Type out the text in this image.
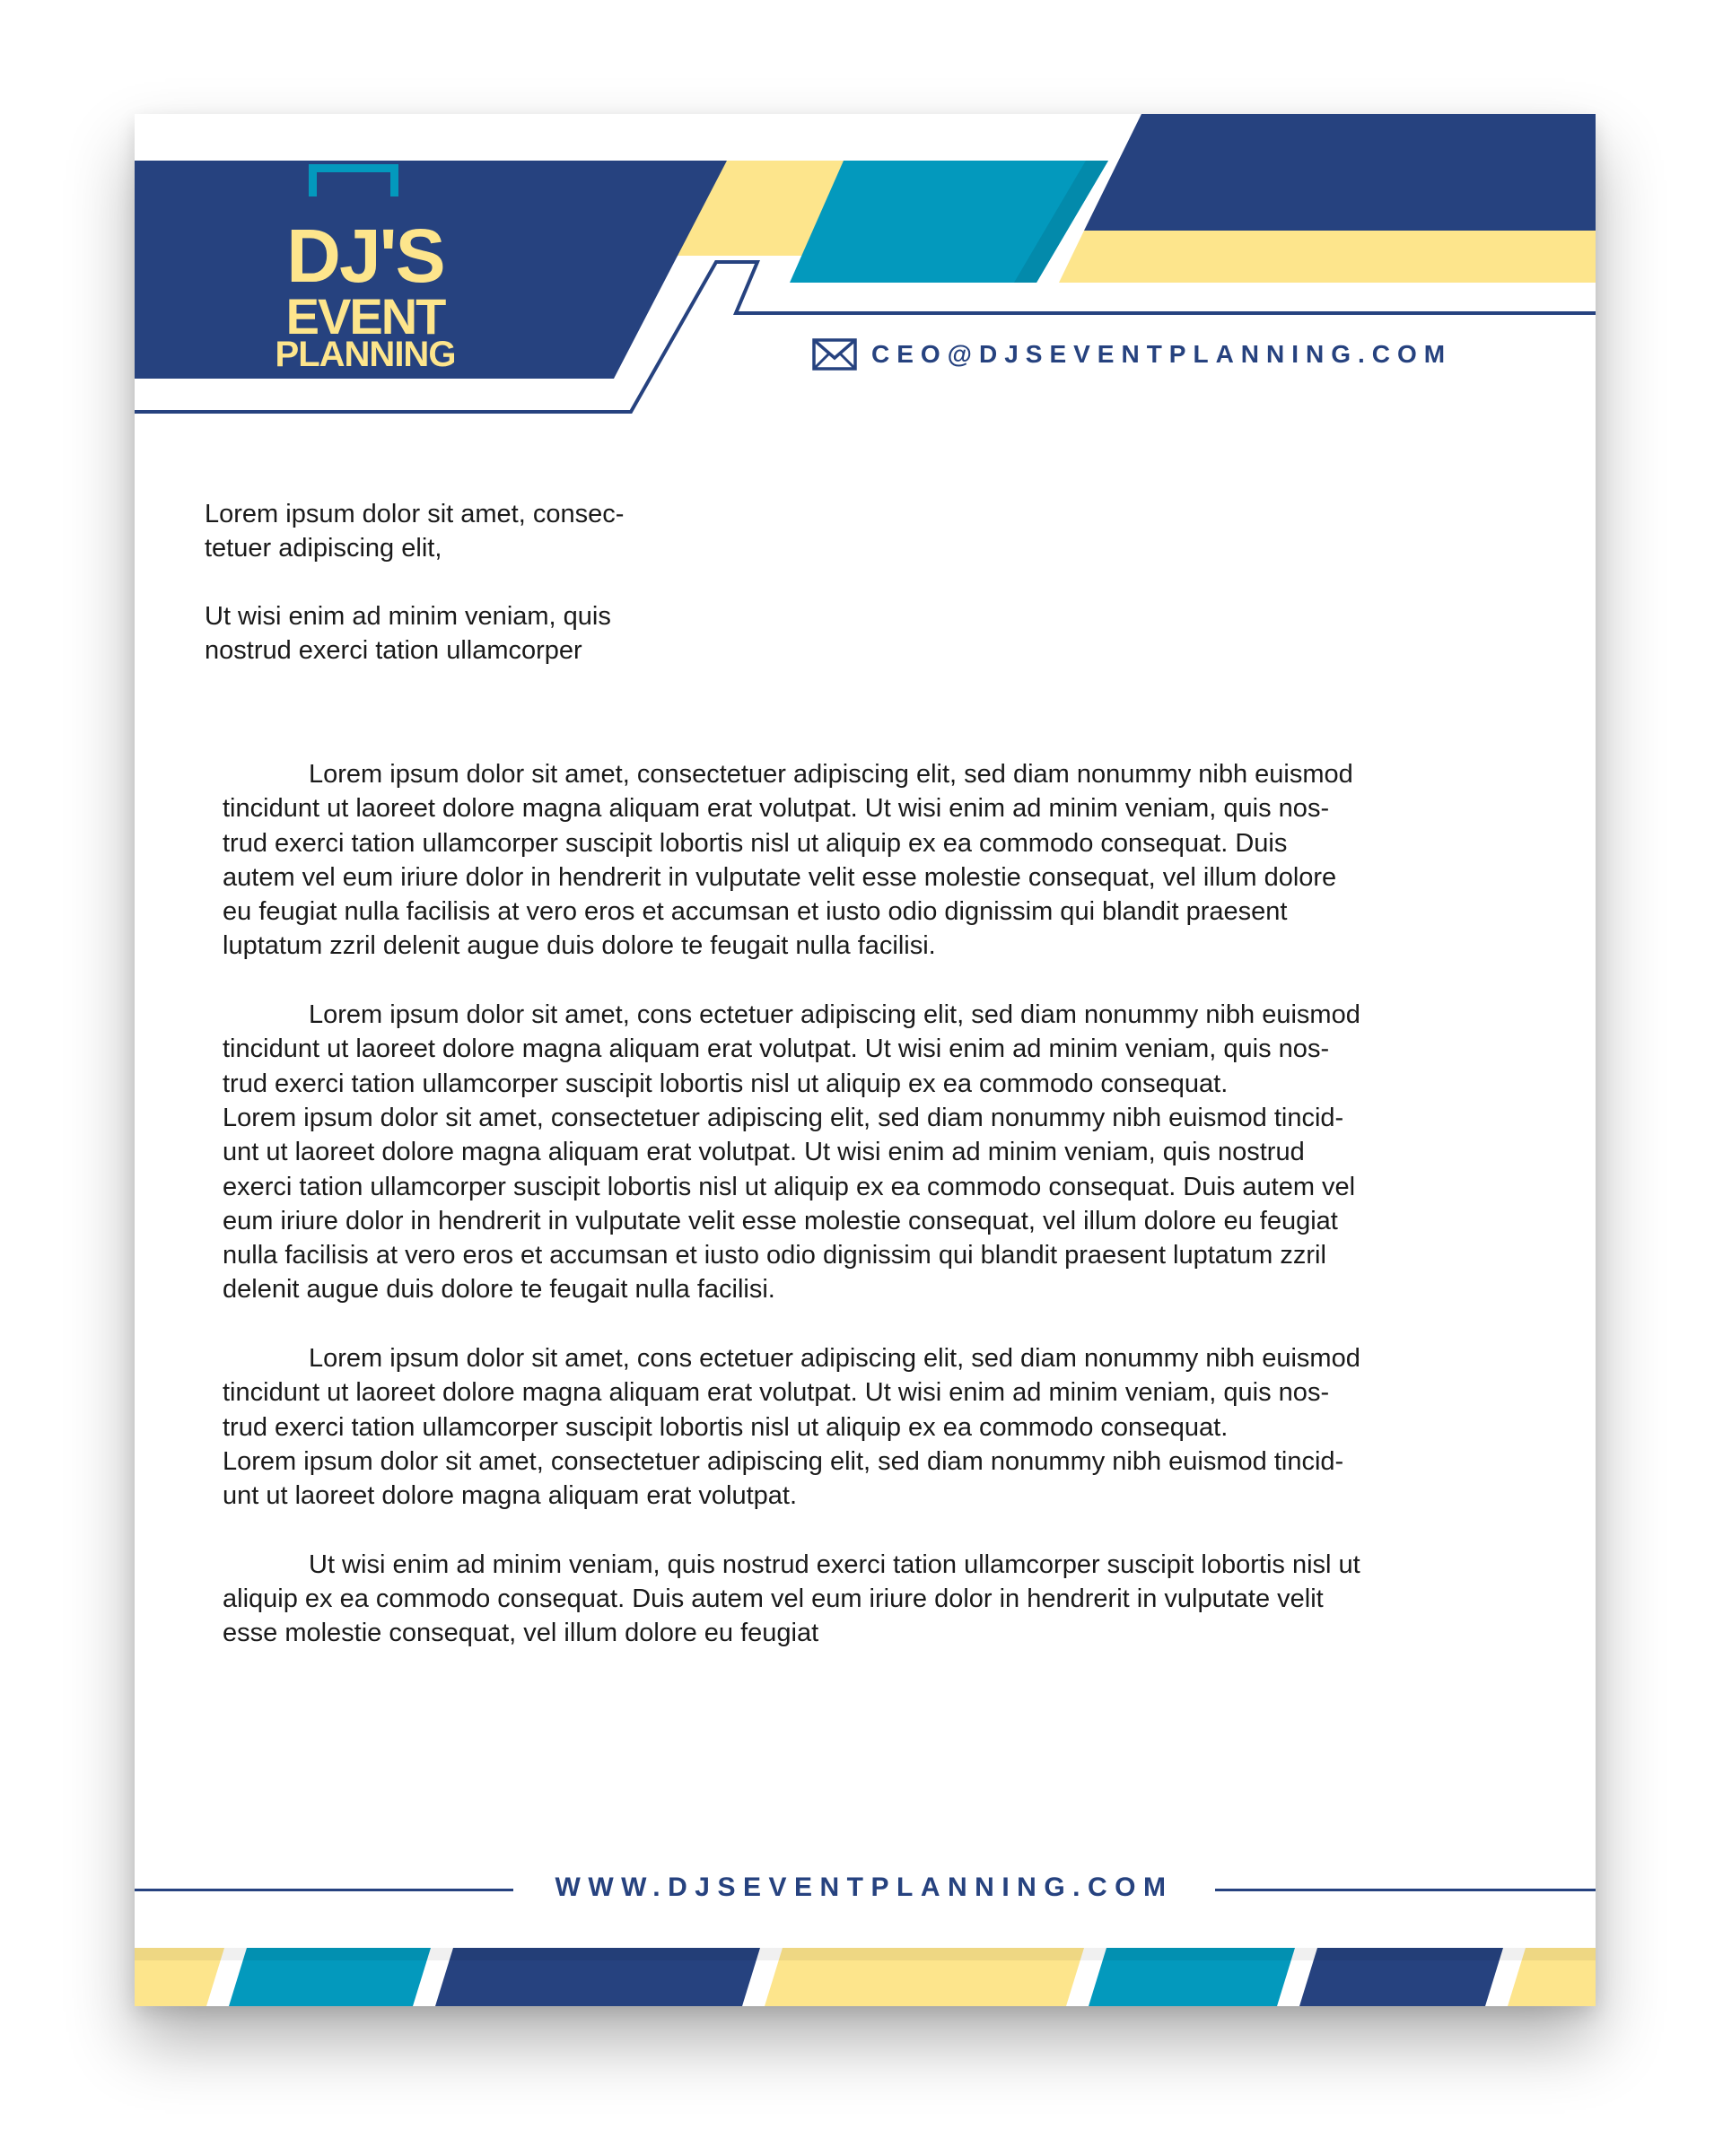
DJ'S
EVENT
PLANNING	CEO@DJSEVENTPLANNING.COM

Lorem ipsum dolor sit amet, consec-
tetuer adipiscing elit,

Ut wisi enim ad minim veniam, quis
nostrud exerci tation ullamcorper

Lorem ipsum dolor sit amet, consectetuer adipiscing elit, sed diam nonummy nibh euismod
tincidunt ut laoreet dolore magna aliquam erat volutpat. Ut wisi enim ad minim veniam, quis nos-
trud exerci tation ullamcorper suscipit lobortis nisl ut aliquip ex ea commodo consequat. Duis
autem vel eum iriure dolor in hendrerit in vulputate velit esse molestie consequat, vel illum dolore
eu feugiat nulla facilisis at vero eros et accumsan et iusto odio dignissim qui blandit praesent
luptatum zzril delenit augue duis dolore te feugait nulla facilisi.
Lorem ipsum dolor sit amet, cons ectetuer adipiscing elit, sed diam nonummy nibh euismod
tincidunt ut laoreet dolore magna aliquam erat volutpat. Ut wisi enim ad minim veniam, quis nos-
trud exerci tation ullamcorper suscipit lobortis nisl ut aliquip ex ea commodo consequat.
Lorem ipsum dolor sit amet, consectetuer adipiscing elit, sed diam nonummy nibh euismod tincid-
unt ut laoreet dolore magna aliquam erat volutpat. Ut wisi enim ad minim veniam, quis nostrud
exerci tation ullamcorper suscipit lobortis nisl ut aliquip ex ea commodo consequat. Duis autem vel
eum iriure dolor in hendrerit in vulputate velit esse molestie consequat, vel illum dolore eu feugiat
nulla facilisis at vero eros et accumsan et iusto odio dignissim qui blandit praesent luptatum zzril
delenit augue duis dolore te feugait nulla facilisi.
Lorem ipsum dolor sit amet, cons ectetuer adipiscing elit, sed diam nonummy nibh euismod
tincidunt ut laoreet dolore magna aliquam erat volutpat. Ut wisi enim ad minim veniam, quis nos-
trud exerci tation ullamcorper suscipit lobortis nisl ut aliquip ex ea commodo consequat.
Lorem ipsum dolor sit amet, consectetuer adipiscing elit, sed diam nonummy nibh euismod tincid-
unt ut laoreet dolore magna aliquam erat volutpat.
Ut wisi enim ad minim veniam, quis nostrud exerci tation ullamcorper suscipit lobortis nisl ut
aliquip ex ea commodo consequat. Duis autem vel eum iriure dolor in hendrerit in vulputate velit
esse molestie consequat, vel illum dolore eu feugiat
WWW.DJSEVENTPLANNING.COM
